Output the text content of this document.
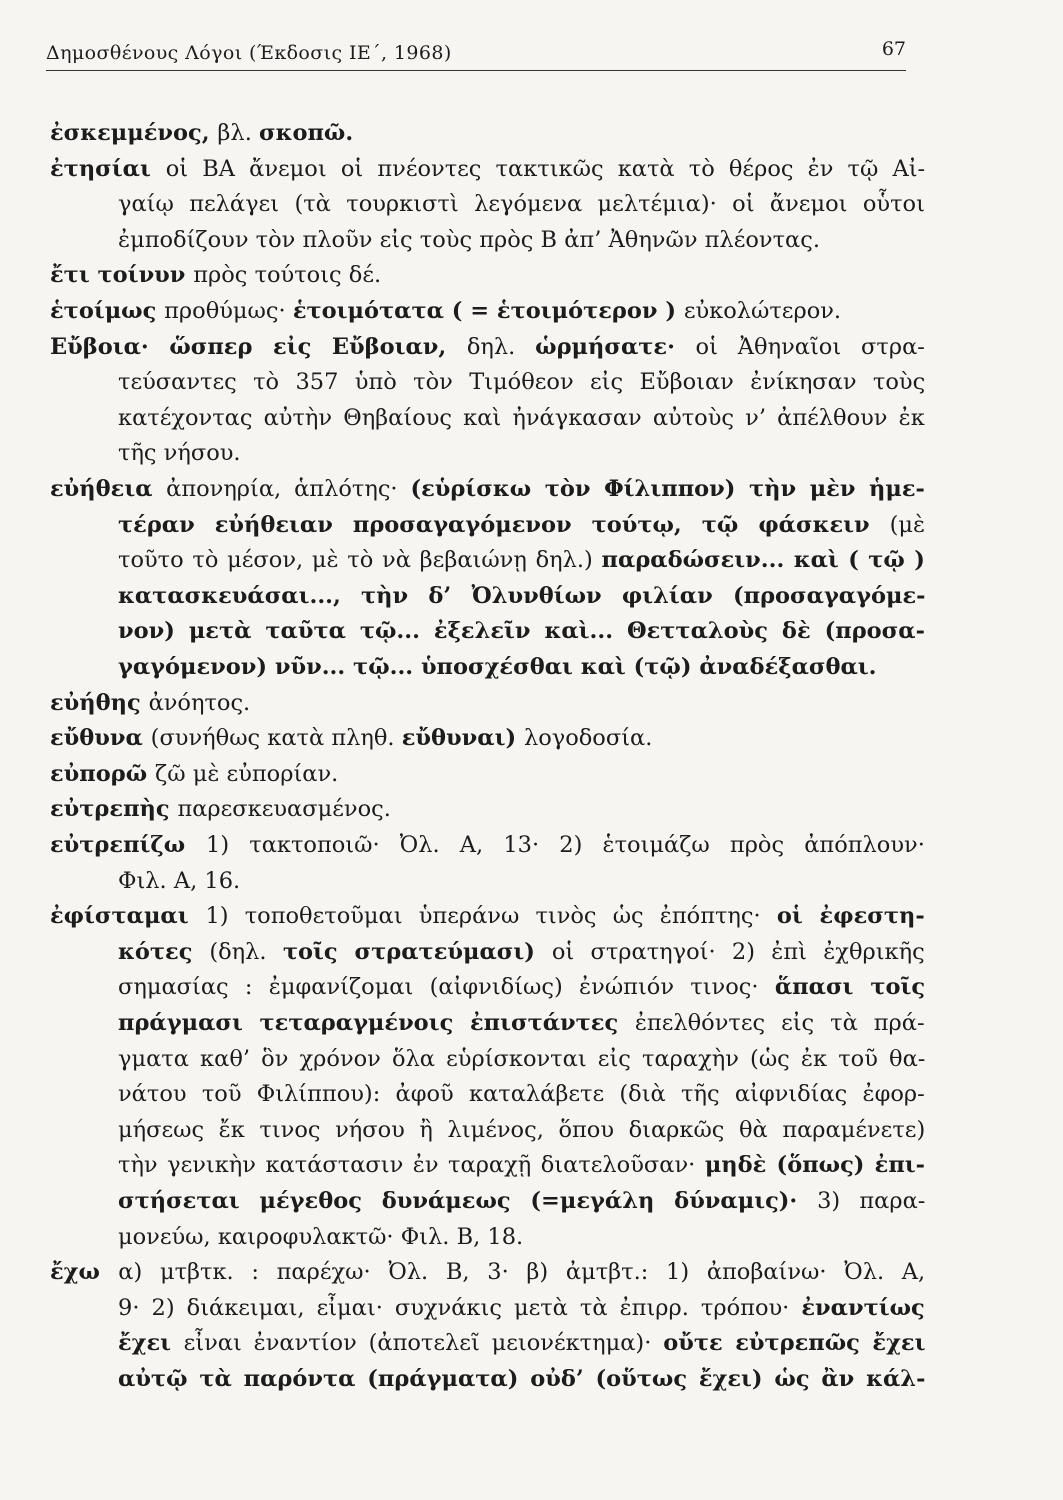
Δημοσθένους Λόγοι (Έκδοσις ΙΕ΄, 1968)	67
ἐσκεμμένος, βλ. σκοπῶ.
ἐτησίαι οἱ ΒΑ ἄνεμοι οἱ πνέοντες τακτικῶς κατὰ τὸ θέρος ἐν τῷ Αἰ-
γαίῳ πελάγει (τὰ τουρκιστὶ λεγόμενα μελτέμια)· οἱ ἄνεμοι οὗτοι
ἐμποδίζουν τὸν πλοῦν εἰς τοὺς πρὸς Β ἀπ’ Ἀθηνῶν πλέοντας.
ἔτι τοίνυν πρὸς τούτοις δέ.
ἑτοίμως προθύμως· ἑτοιμότατα ( = ἑτοιμότερον ) εὐκολώτερον.
Εὔβοια· ὥσπερ εἰς Εὔβοιαν, δηλ. ὡρμήσατε· οἱ Ἀθηναῖοι στρα-
τεύσαντες τὸ 357 ὑπὸ τὸν Τιμόθεον εἰς Εὔβοιαν ἐνίκησαν τοὺς
κατέχοντας αὐτὴν Θηβαίους καὶ ἠνάγκασαν αὐτοὺς ν’ ἀπέλθουν ἐκ
τῆς νήσου.
εὐήθεια ἀπονηρία, ἁπλότης· (εὑρίσκω τὸν Φίλιππον) τὴν μὲν ἡμε-
τέραν εὐήθειαν προσαγαγόμενον τούτῳ, τῷ φάσκειν (μὲ
τοῦτο τὸ μέσον, μὲ τὸ νὰ βεβαιώνῃ δηλ.) παραδώσειν... καὶ ( τῷ )
κατασκευάσαι..., τὴν δ’ Ὀλυνθίων φιλίαν (προσαγαγόμε-
νον) μετὰ ταῦτα τῷ... ἐξελεῖν καὶ... Θετταλοὺς δὲ (προσα-
γαγόμενον) νῦν... τῷ... ὑποσχέσθαι καὶ (τῷ) ἀναδέξασθαι.
εὐήθης ἀνόητος.
εὔθυνα (συνήθως κατὰ πληθ. εὔθυναι) λογοδοσία.
εὐπορῶ ζῶ μὲ εὐπορίαν.
εὐτρεπὴς παρεσκευασμένος.
εὐτρεπίζω 1) τακτοποιῶ· Ὀλ. Α, 13· 2) ἑτοιμάζω πρὸς ἀπόπλουν·
Φιλ. Α, 16.
ἐφίσταμαι 1) τοποθετοῦμαι ὑπεράνω τινὸς ὡς ἐπόπτης· οἱ ἐφεστη-
κότες (δηλ. τοῖς στρατεύμασι) οἱ στρατηγοί· 2) ἐπὶ ἐχθρικῆς
σημασίας : ἐμφανίζομαι (αἰφνιδίως) ἐνώπιόν τινος· ἅπασι τοῖς
πράγμασι τεταραγμένοις ἐπιστάντες ἐπελθόντες εἰς τὰ πρά-
γματα καθ’ ὃν χρόνον ὅλα εὑρίσκονται εἰς ταραχὴν (ὡς ἐκ τοῦ θα-
νάτου τοῦ Φιλίππου): ἀφοῦ καταλάβετε (διὰ τῆς αἰφνιδίας ἐφορ-
μήσεως ἔκ τινος νήσου ἢ λιμένος, ὅπου διαρκῶς θὰ παραμένετε)
τὴν γενικὴν κατάστασιν ἐν ταραχῇ διατελοῦσαν· μηδὲ (ὅπως) ἐπι-
στήσεται μέγεθος δυνάμεως (=μεγάλη δύναμις)· 3) παρα-
μονεύω, καιροφυλακτῶ· Φιλ. Β, 18.
ἔχω α) μτβτκ. : παρέχω· Ὀλ. Β, 3· β) ἀμτβτ.: 1) ἀποβαίνω· Ὀλ. Α,
9· 2) διάκειμαι, εἶμαι· συχνάκις μετὰ τὰ ἐπιρρ. τρόπου· ἐναντίως
ἔχει εἶναι ἐναντίον (ἀποτελεῖ μειονέκτημα)· οὔτε εὐτρεπῶς ἔχει
αὐτῷ τὰ παρόντα (πράγματα) οὐδ’ (οὕτως ἔχει) ὡς ἂν κάλ-
